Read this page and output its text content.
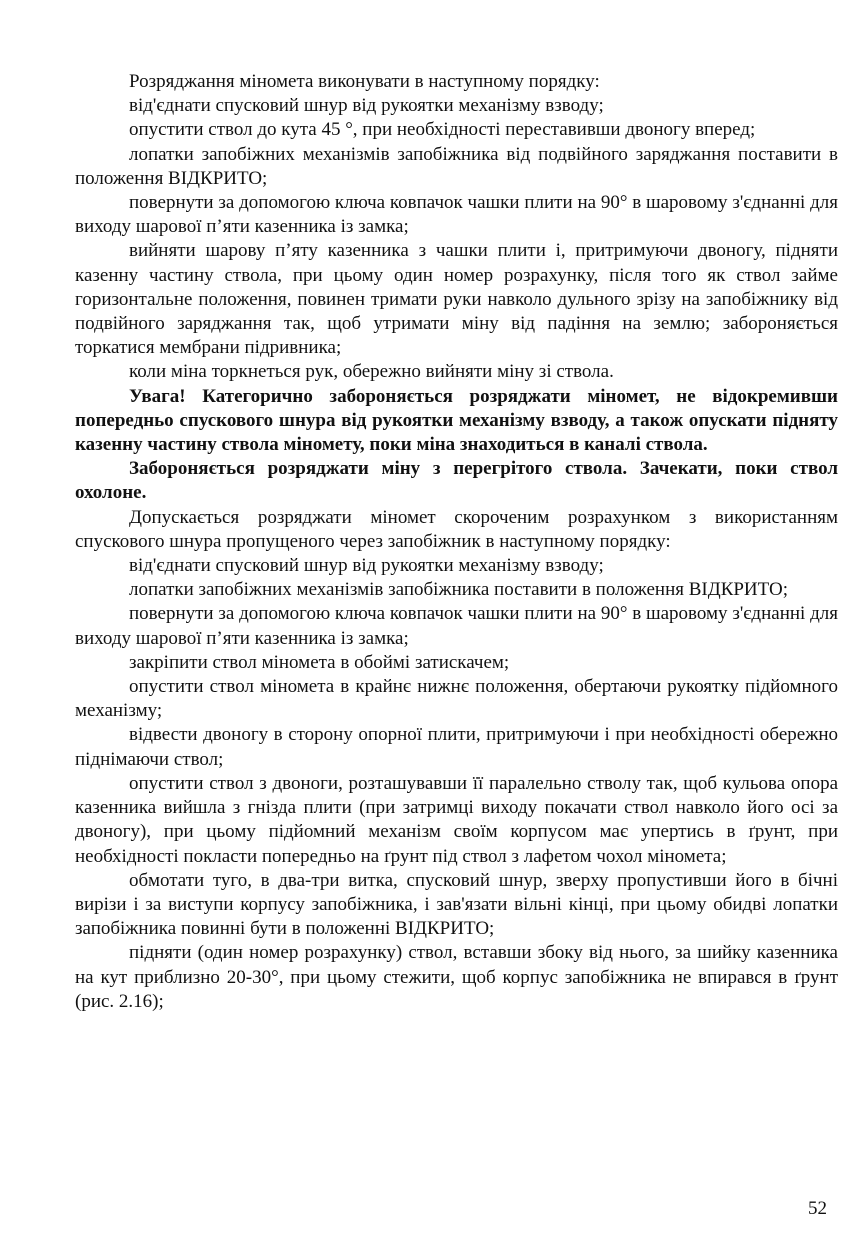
Розряджання міномета виконувати в наступному порядку:

від'єднати спусковий шнур від рукоятки механізму взводу;

опустити ствол до кута 45 °, при необхідності переставивши двоногу вперед;

лопатки запобіжних механізмів запобіжника від подвійного заряджання поставити в положення ВІДКРИТО;

повернути за допомогою ключа ковпачок чашки плити на 90° в шаровому з'єднанні для виходу шарової п’яти казенника із замка;

вийняти шарову п’яту казенника з чашки плити і, притримуючи двоногу, підняти казенну частину ствола, при цьому один номер розрахунку, після того як ствол займе горизонтальне положення, повинен тримати руки навколо дульного зрізу на запобіжнику від подвійного заряджання так, щоб утримати міну від падіння на землю; забороняється торкатися мембрани підривника;

коли міна торкнеться рук, обережно вийняти міну зі ствола.

Увага! Категорично забороняється розряджати міномет, не відокремивши попередньо спускового шнура від рукоятки механізму взводу, а також опускати підняту казенну частину ствола міномету, поки міна знаходиться в каналі ствола.

Забороняється розряджати міну з перегрітого ствола. Зачекати, поки ствол охолоне.

Допускається розряджати міномет скороченим розрахунком з використанням спускового шнура пропущеного через запобіжник в наступному порядку:

від'єднати спусковий шнур від рукоятки механізму взводу;

лопатки запобіжних механізмів запобіжника поставити в положення ВІДКРИТО;

повернути за допомогою ключа ковпачок чашки плити на 90° в шаровому з'єднанні для виходу шарової п’яти казенника із замка;

закріпити ствол міномета в обоймі затискачем;

опустити ствол міномета в крайнє нижнє положення, обертаючи рукоятку підйомного механізму;

відвести двоногу в сторону опорної плити, притримуючи і при необхідності обережно піднімаючи ствол;

опустити ствол з двоноги, розташувавши її паралельно стволу так, щоб кульова опора казенника вийшла з гнізда плити (при затримці виходу покачати ствол навколо його осі за двоногу), при цьому підйомний механізм своїм корпусом має упертись в ґрунт, при необхідності покласти попередньо на ґрунт під ствол з лафетом чохол міномета;

обмотати туго, в два-три витка, спусковий шнур, зверху пропустивши його в бічні вирізи і за виступи корпусу запобіжника, і зав'язати вільні кінці, при цьому обидві лопатки запобіжника повинні бути в положенні ВІДКРИТО;

підняти (один номер розрахунку) ствол, вставши збоку від нього, за шийку казенника на кут приблизно 20-30°, при цьому стежити, щоб корпус запобіжника не впирався в ґрунт (рис. 2.16);

52
